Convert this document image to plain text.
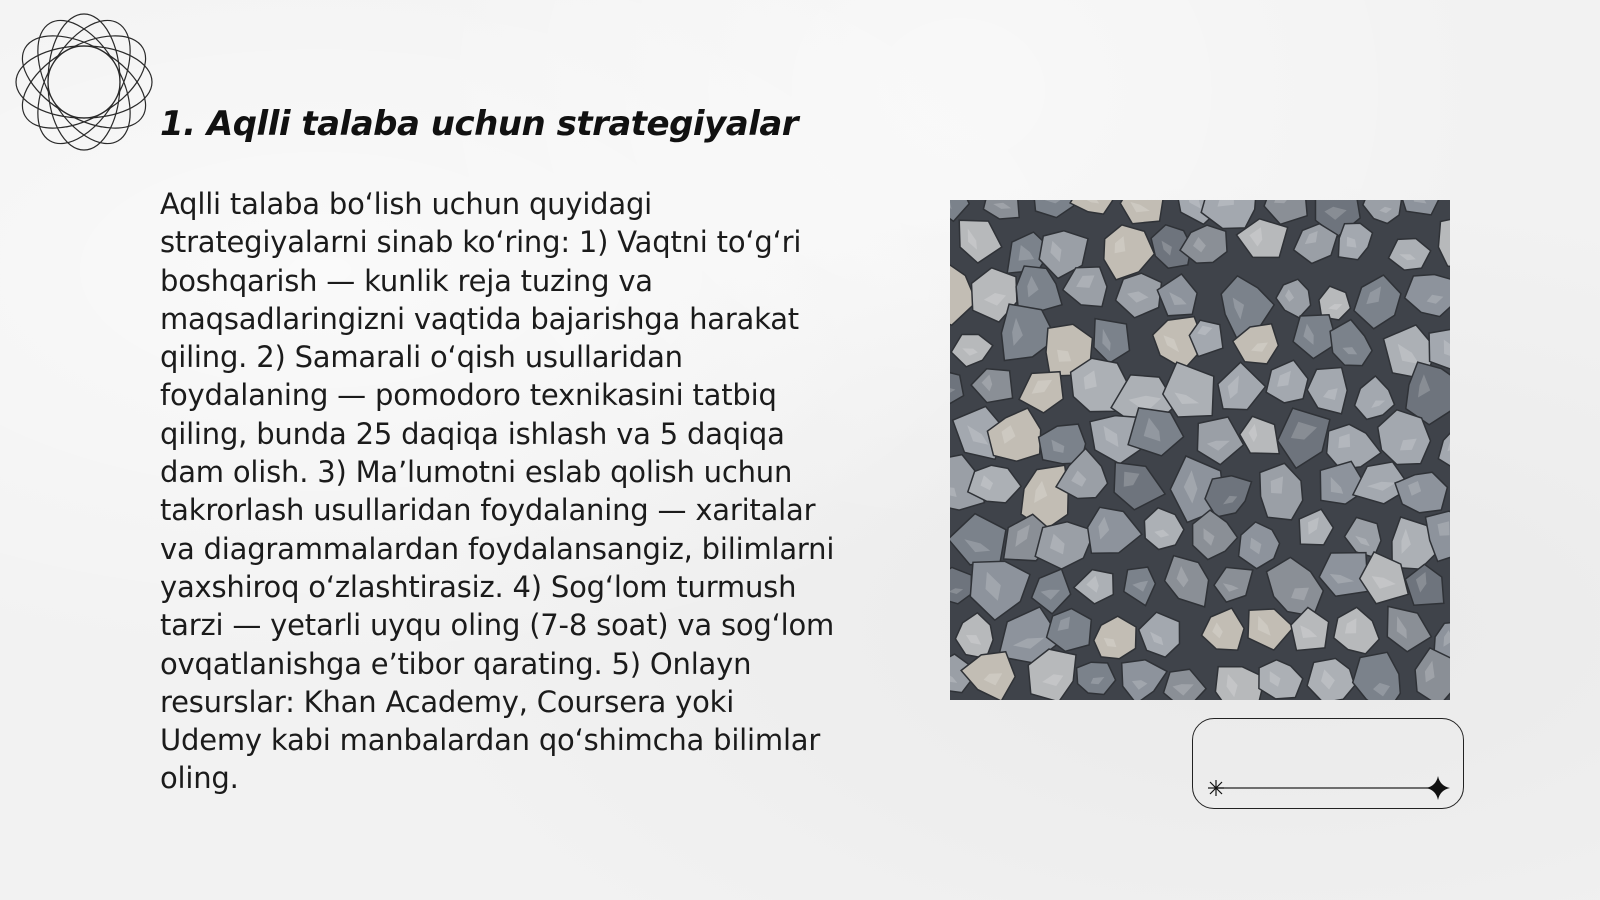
1. Aqlli talaba uchun strategiyalar

Aqlli talaba bo‘lish uchun quyidagi strategiyalarni sinab ko‘ring: 1) Vaqtni to‘g‘ri boshqarish — kunlik reja tuzing va maqsadlaringizni vaqtida bajarishga harakat qiling. 2) Samarali o‘qish usullaridan foydalaning — pomodoro texnikasini tatbiq qiling, bunda 25 daqiqa ishlash va 5 daqiqa dam olish. 3) Ma’lumotni eslab qolish uchun takrorlash usullaridan foydalaning — xaritalar va diagrammalardan foydalansangiz, bilimlarni yaxshiroq o‘zlashtirasiz. 4) Sog‘lom turmush tarzi — yetarli uyqu oling (7-8 soat) va sog‘lom ovqatlanishga e’tibor qarating. 5) Onlayn resurslar: Khan Academy, Coursera yoki Udemy kabi manbalardan qo‘shimcha bilimlar oling.
